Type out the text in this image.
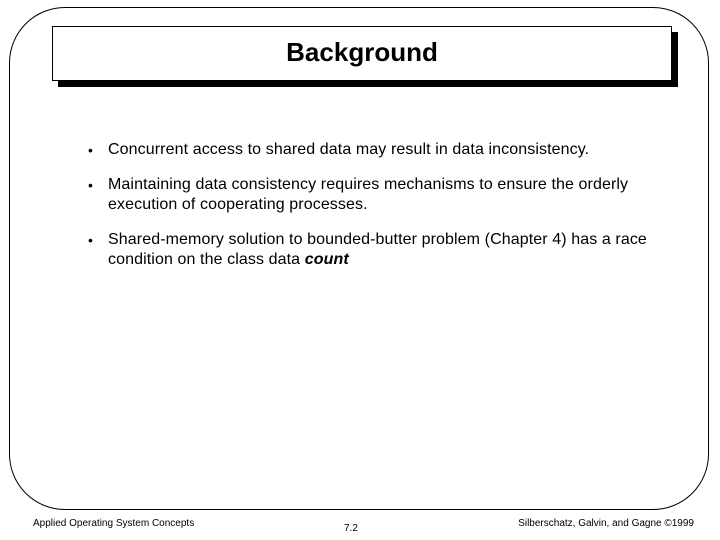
Background
• Concurrent access to shared data may result in data inconsistency.
• Maintaining data consistency requires mechanisms to ensure the orderly execution of cooperating processes.
• Shared-memory solution to bounded-butter problem (Chapter 4) has a race condition on the class data count
Applied Operating System Concepts	7.2	Silberschatz, Galvin, and Gagne ©1999
